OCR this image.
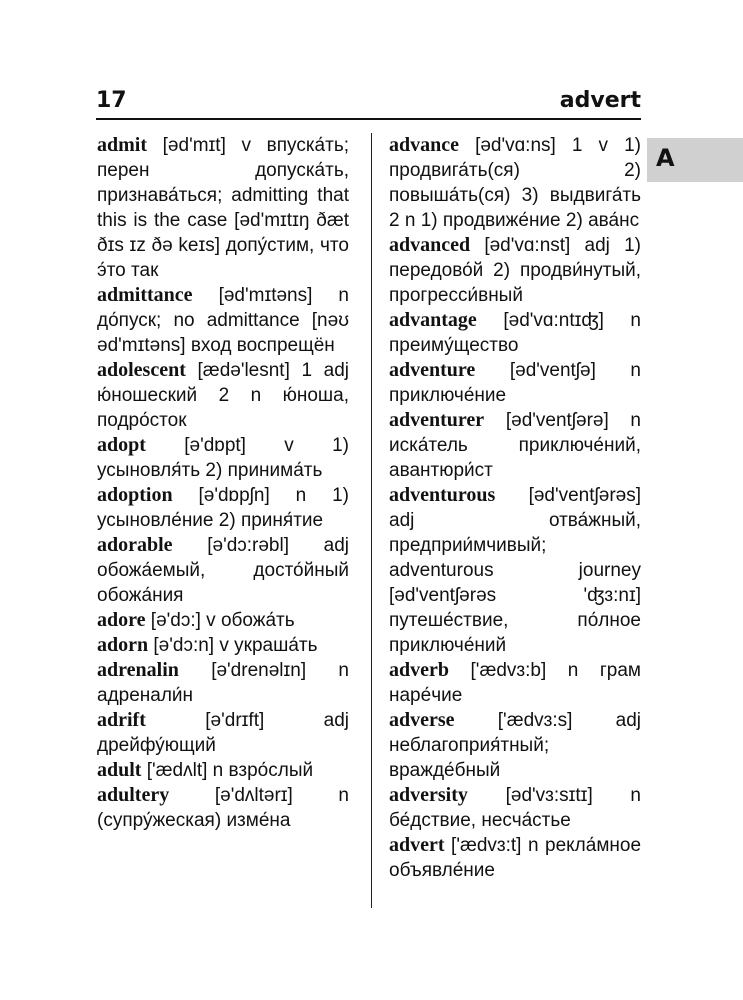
17	advert

admit [əd'mɪt] v впуска́ть; перен допуска́ть, признава́ться; admitting that this is the case [əd'mɪtɪŋ ðæt ðɪs ɪz ðə keɪs] допу́стим, что э́то так

admittance [əd'mɪtəns] n до́пуск; no admittance [nəʊ əd'mɪtəns] вход воспрещён

adolescent [ædə'lesnt] 1 adj ю́ношеский 2 n ю́ноша, подро́сток

adopt [ə'dɒpt] v 1) усыновля́ть 2) принима́ть

adoption [ə'dɒpʃn] n 1) усыновле́ние 2) приня́тие

adorable [ə'dɔ:rəbl] adj обожа́емый, досто́йный обожа́ния

adore [ə'dɔ:] v обожа́ть

adorn [ə'dɔ:n] v украша́ть

adrenalin [ə'drenəlɪn] n адренали́н

adrift	[ə'drɪft] adj дрейфу́ющий

adult ['ædʌlt] n взро́слый

adultery [ə'dʌltərɪ] n (супру́жеская) изме́на

advance [əd'vɑ:ns] 1 v 1) продвига́ть(ся) 2) повыша́ть(ся) 3) выдвига́ть 2 n 1) продвиже́ние 2) ава́нс

advanced [əd'vɑ:nst] adj 1) передово́й 2) продви́нутый, прогресси́вный

advantage [əd'vɑ:ntɪʤ] n преиму́щество

adventure [əd'ventʃə] n приключе́ние

adventurer [əd'ventʃərə] n иска́тель приключе́ний, авантюри́ст

adventurous [əd'ventʃərəs] adj отва́жный, предприи́мчивый; adventurous journey [əd'ventʃərəs 'ʤɜ:nɪ] путеше́ствие, по́лное приключе́ний

adverb ['ædvɜ:b] n грам наре́чие

adverse ['ædvɜ:s] adj неблагоприя́тный; вражде́бный

adversity [əd'vɜ:sɪtɪ] n бе́дствие, несча́стье

advert ['ædvɜ:t] n рекла́мное объявле́ние

A
